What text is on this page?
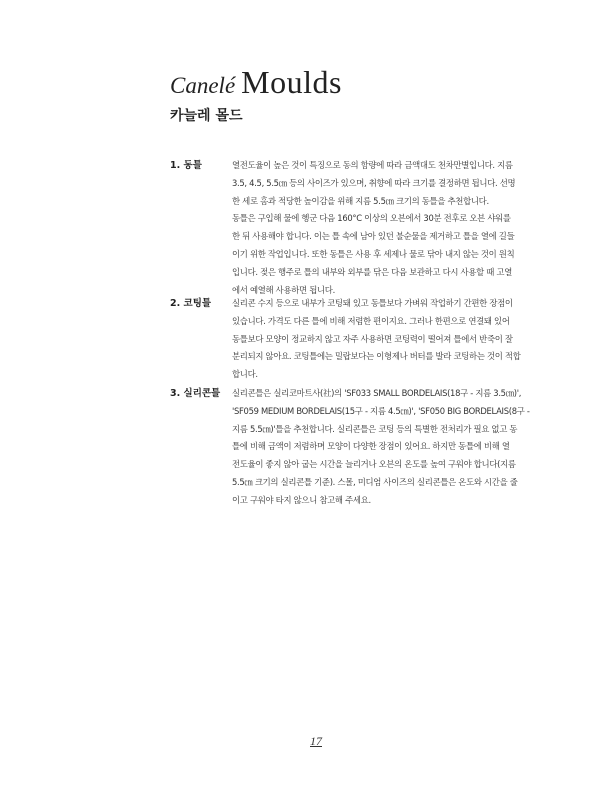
Canelé Moulds
카늘레 몰드
1. 동틀	열전도율이 높은 것이 특징으로 동의 함량에 따라 금액대도 천차만별입니다. 지름
3.5, 4.5, 5.5㎝ 등의 사이즈가 있으며, 취향에 따라 크기를 결정하면 됩니다. 선명
한 세로 홈과 적당한 높이감을 위해 지름 5.5㎝ 크기의 동틀을 추천합니다.
동틀은 구입해 물에 헹군 다음 160°C 이상의 오븐에서 30분 전후로 오븐 샤워를
한 뒤 사용해야 합니다. 이는 틀 속에 남아 있던 불순물을 제거하고 틀을 열에 길들
이기 위한 작업입니다. 또한 동틀은 사용 후 세제나 물로 닦아 내지 않는 것이 원칙
입니다. 젖은 행주로 틀의 내부와 외부를 닦은 다음 보관하고 다시 사용할 때 고열
에서 예열해 사용하면 됩니다.
2. 코팅틀	실리콘 수지 등으로 내부가 코팅돼 있고 동틀보다 가벼워 작업하기 간편한 장점이
있습니다. 가격도 다른 틀에 비해 저렴한 편이지요. 그러나 한편으로 연결돼 있어
동틀보다 모양이 정교하지 않고 자주 사용하면 코팅력이 떨어져 틀에서 반죽이 잘
분리되지 않아요. 코팅틀에는 밀랍보다는 이형제나 버터를 발라 코팅하는 것이 적합
합니다.
3. 실리콘틀	실리콘틀은 실리코마트사(社)의 'SF033 SMALL BORDELAIS(18구 - 지름 3.5㎝)',
'SF059 MEDIUM BORDELAIS(15구 - 지름 4.5㎝)', 'SF050 BIG BORDELAIS(8구 -
지름 5.5㎝)'틀을 추천합니다. 실리콘틀은 코팅 등의 특별한 전처리가 필요 없고 동
틀에 비해 금액이 저렴하며 모양이 다양한 장점이 있어요. 하지만 동틀에 비해 열
전도율이 좋지 않아 굽는 시간을 늘리거나 오븐의 온도를 높여 구워야 합니다(지름
5.5㎝ 크기의 실리콘틀 기준). 스몰, 미디엄 사이즈의 실리콘틀은 온도와 시간을 줄
이고 구워야 타지 않으니 참고해 주세요.
17
